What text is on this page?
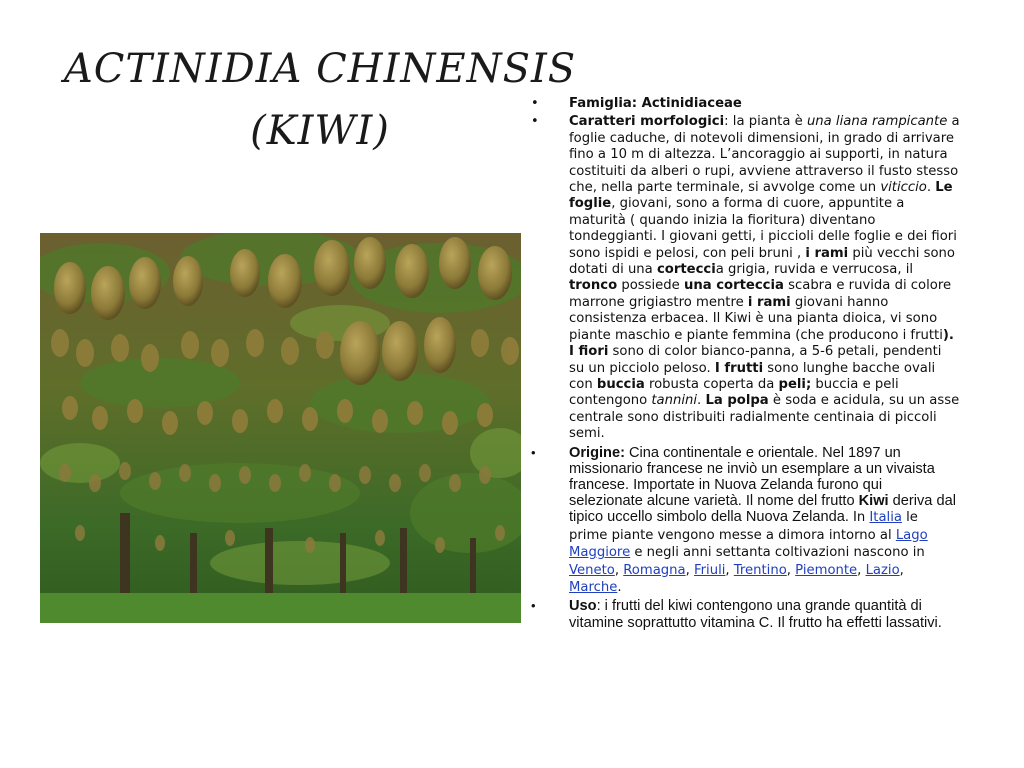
ACTINIDIA CHINENSIS
(KIWI)
• Famiglia: Actinidiaceae
• Caratteri morfologici: la pianta è una liana rampicante a foglie caduche, di notevoli dimensioni, in grado di arrivare fino a 10 m di altezza. L’ancoraggio ai supporti, in natura costituiti da alberi o rupi, avviene attraverso il fusto stesso che, nella parte terminale, si avvolge come un viticcio. Le foglie, giovani, sono a forma di cuore, appuntite a maturità ( quando inizia la fioritura) diventano tondeggianti. I giovani getti, i piccioli delle foglie e dei fiori sono ispidi e pelosi, con peli bruni , i rami più vecchi sono dotati di una corteccia grigia, ruvida e verrucosa, il tronco possiede una corteccia scabra e ruvida di colore marrone grigiastro mentre i rami giovani hanno consistenza erbacea. Il Kiwi è una pianta dioica, vi sono piante maschio e piante femmina (che producono i frutti). I fiori sono di color bianco-panna, a 5-6 petali, pendenti su un picciolo peloso. I frutti sono lunghe bacche ovali con buccia robusta coperta da peli; buccia e peli contengono tannini. La polpa è soda e acidula, su un asse centrale sono distribuiti radialmente centinaia di piccoli semi.
• Origine: Cina continentale e orientale. Nel 1897 un missionario francese ne inviò un esemplare a un vivaista francese. Importate in Nuova Zelanda furono qui selezionate alcune varietà. Il nome del frutto Kiwi deriva dal tipico uccello simbolo della Nuova Zelanda. In Italia le prime piante vengono messe a dimora intorno al Lago Maggiore e negli anni settanta coltivazioni nascono in Veneto, Romagna, Friuli, Trentino, Piemonte, Lazio, Marche.
• Uso: i frutti del kiwi contengono una grande quantità di vitamine soprattutto vitamina C. Il frutto ha effetti lassativi.
